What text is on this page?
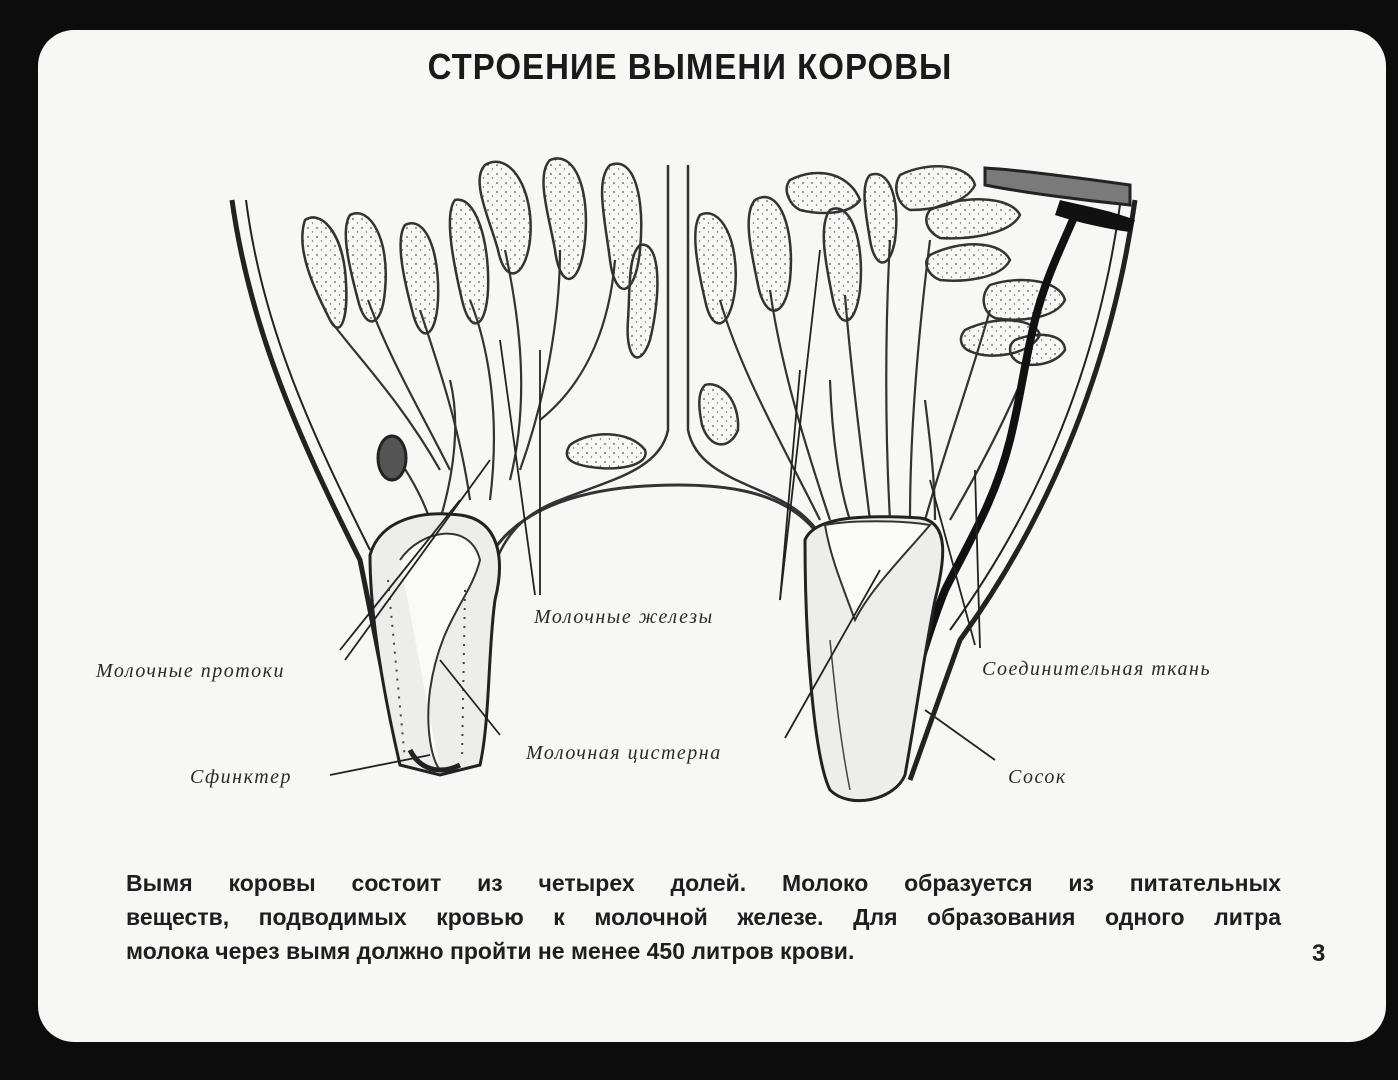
СТРОЕНИЕ ВЫМЕНИ КОРОВЫ
Молочные железы
Молочные протоки	Соединительная ткань
Сфинктер
Молочная цистерна
Сосок

Вымя коровы состоит из четырех долей. Молоко образуется из питательных
веществ, подводимых кровью к молочной железе. Для образования одного литра
молока через вымя должно пройти не менее 450 литров крови.	3
